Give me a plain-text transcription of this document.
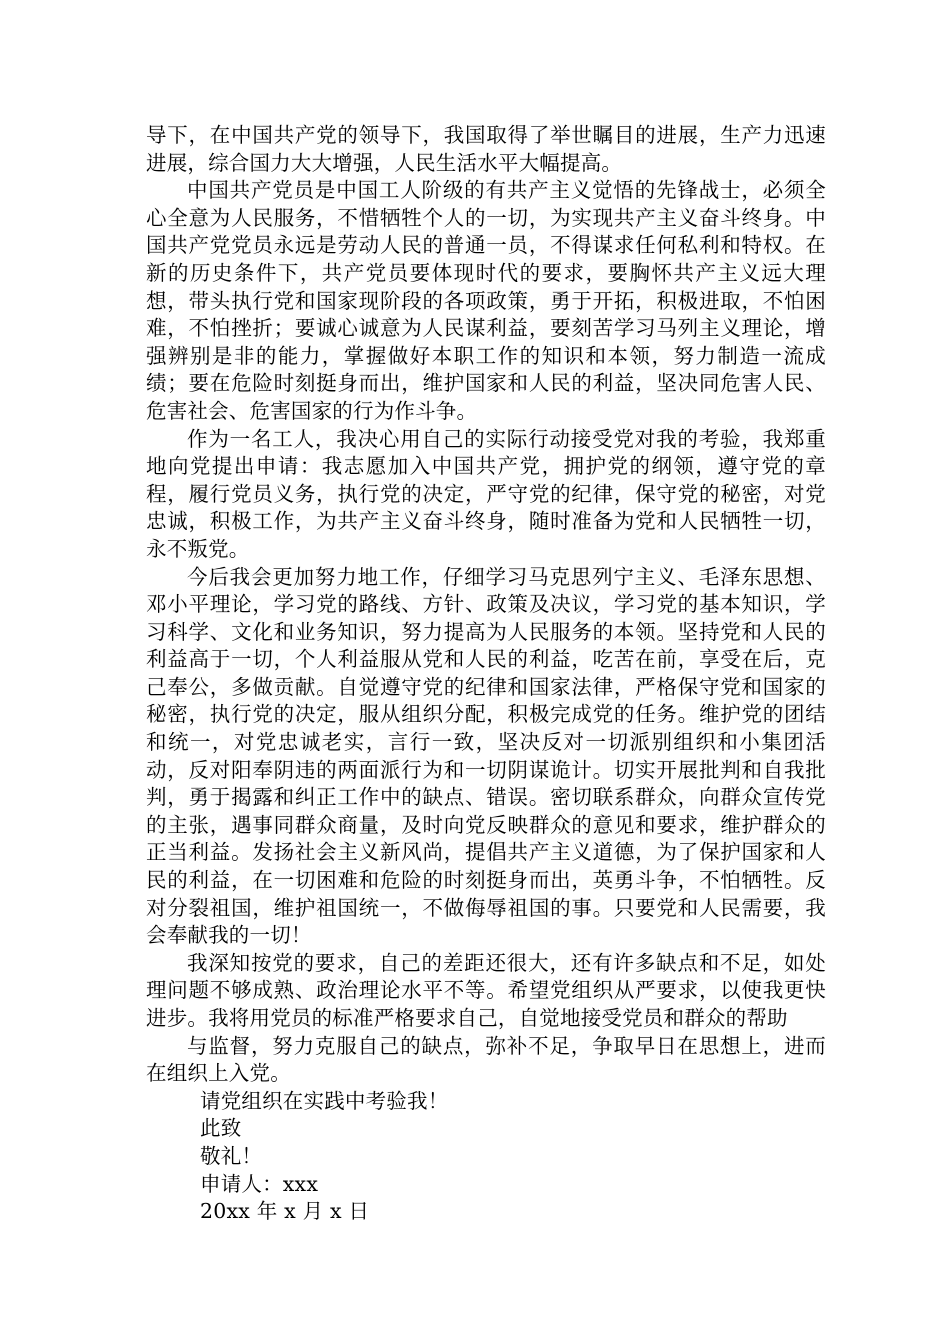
导下，在中国共产党的领导下，我国取得了举世瞩目的进展，生产力迅速进展，综合国力大大增强，人民生活水平大幅提高。

中国共产党员是中国工人阶级的有共产主义觉悟的先锋战士，必须全心全意为人民服务，不惜牺牲个人的一切，为实现共产主义奋斗终身。中国共产党党员永远是劳动人民的普通一员，不得谋求任何私利和特权。在新的历史条件下，共产党员要体现时代的要求，要胸怀共产主义远大理想，带头执行党和国家现阶段的各项政策，勇于开拓，积极进取，不怕困难，不怕挫折；要诚心诚意为人民谋利益，要刻苦学习马列主义理论，增强辨别是非的能力，掌握做好本职工作的知识和本领，努力制造一流成绩；要在危险时刻挺身而出，维护国家和人民的利益，坚决同危害人民、危害社会、危害国家的行为作斗争。

作为一名工人，我决心用自己的实际行动接受党对我的考验，我郑重地向党提出申请：我志愿加入中国共产党，拥护党的纲领，遵守党的章程，履行党员义务，执行党的决定，严守党的纪律，保守党的秘密，对党忠诚，积极工作，为共产主义奋斗终身，随时准备为党和人民牺牲一切，永不叛党。

今后我会更加努力地工作，仔细学习马克思列宁主义、毛泽东思想、邓小平理论，学习党的路线、方针、政策及决议，学习党的基本知识，学习科学、文化和业务知识，努力提高为人民服务的本领。坚持党和人民的利益高于一切，个人利益服从党和人民的利益，吃苦在前，享受在后，克己奉公，多做贡献。自觉遵守党的纪律和国家法律，严格保守党和国家的秘密，执行党的决定，服从组织分配，积极完成党的任务。维护党的团结和统一，对党忠诚老实，言行一致，坚决反对一切派别组织和小集团活动，反对阳奉阴违的两面派行为和一切阴谋诡计。切实开展批判和自我批判，勇于揭露和纠正工作中的缺点、错误。密切联系群众，向群众宣传党的主张，遇事同群众商量，及时向党反映群众的意见和要求，维护群众的正当利益。发扬社会主义新风尚，提倡共产主义道德，为了保护国家和人民的利益，在一切困难和危险的时刻挺身而出，英勇斗争，不怕牺牲。反对分裂祖国，维护祖国统一，不做侮辱祖国的事。只要党和人民需要，我会奉献我的一切！

我深知按党的要求，自己的差距还很大，还有许多缺点和不足，如处理问题不够成熟、政治理论水平不等。希望党组织从严要求，以使我更快进步。我将用党员的标准严格要求自己，自觉地接受党员和群众的帮助

与监督，努力克服自己的缺点，弥补不足，争取早日在思想上，进而在组织上入党。

请党组织在实践中考验我！

此致

敬礼！

申请人：xxx

20xx 年 x 月 x 日
